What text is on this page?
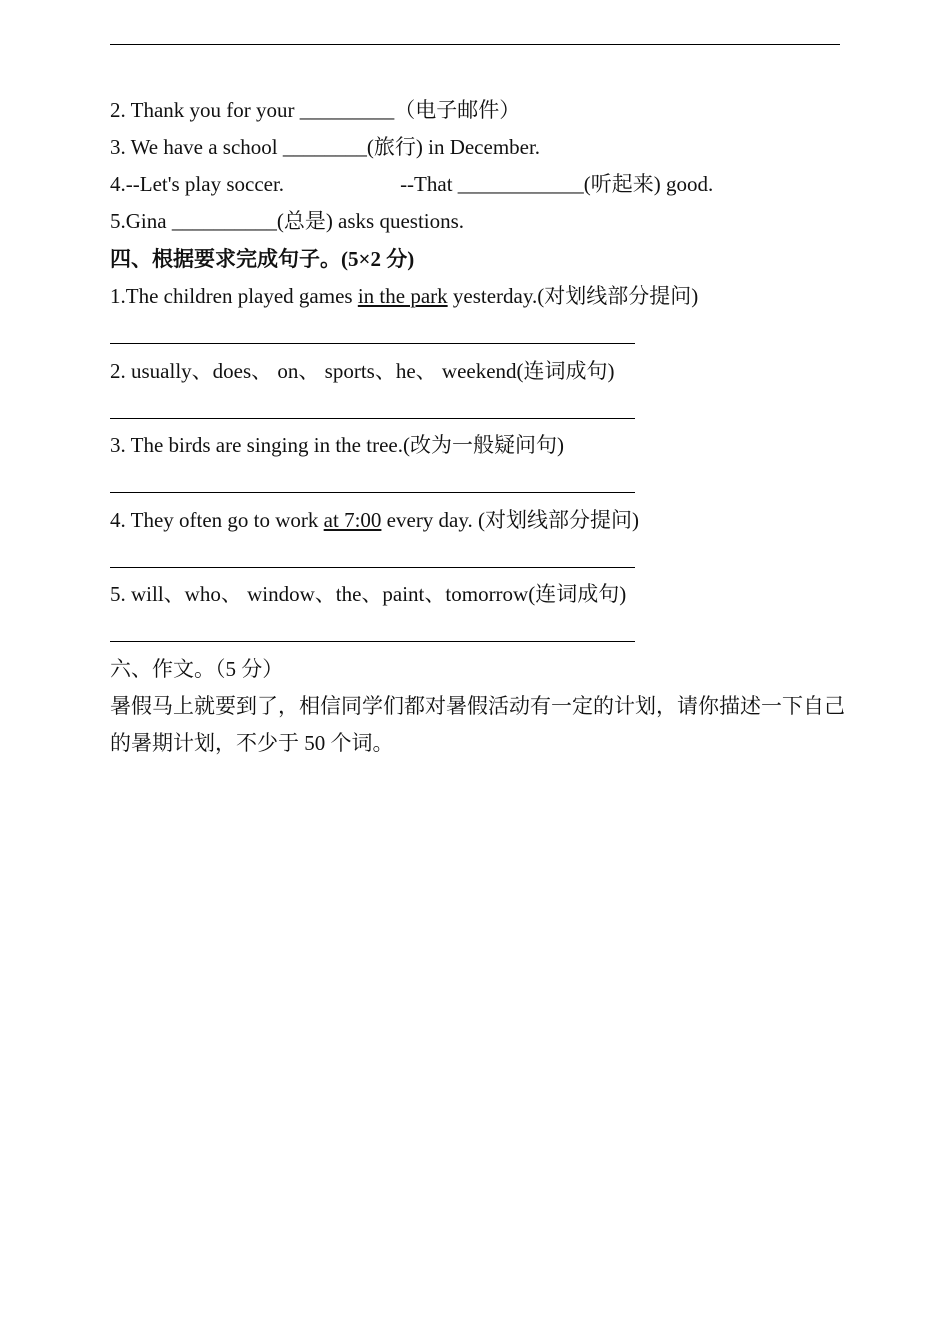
2. Thank you for your _________（电子邮件）
3. We have a school ________(旅行) in December.
4.--Let's play soccer.	--That ____________(听起来) good.
5.Gina __________(总是) asks questions.
四、根据要求完成句子。(5×2 分)
1.The children played games in the park yesterday.(对划线部分提问)
2. usually、does、 on、 sports、he、 weekend(连词成句)
3. The birds are singing in the tree.(改为一般疑问句)
4. They often go to work at 7:00 every day. (对划线部分提问)
5. will、who、 window、the、paint、tomorrow(连词成句)
六、作文。（5 分）
暑假马上就要到了，相信同学们都对暑假活动有一定的计划，请你描述一下自己的暑期计划，不少于 50 个词。
